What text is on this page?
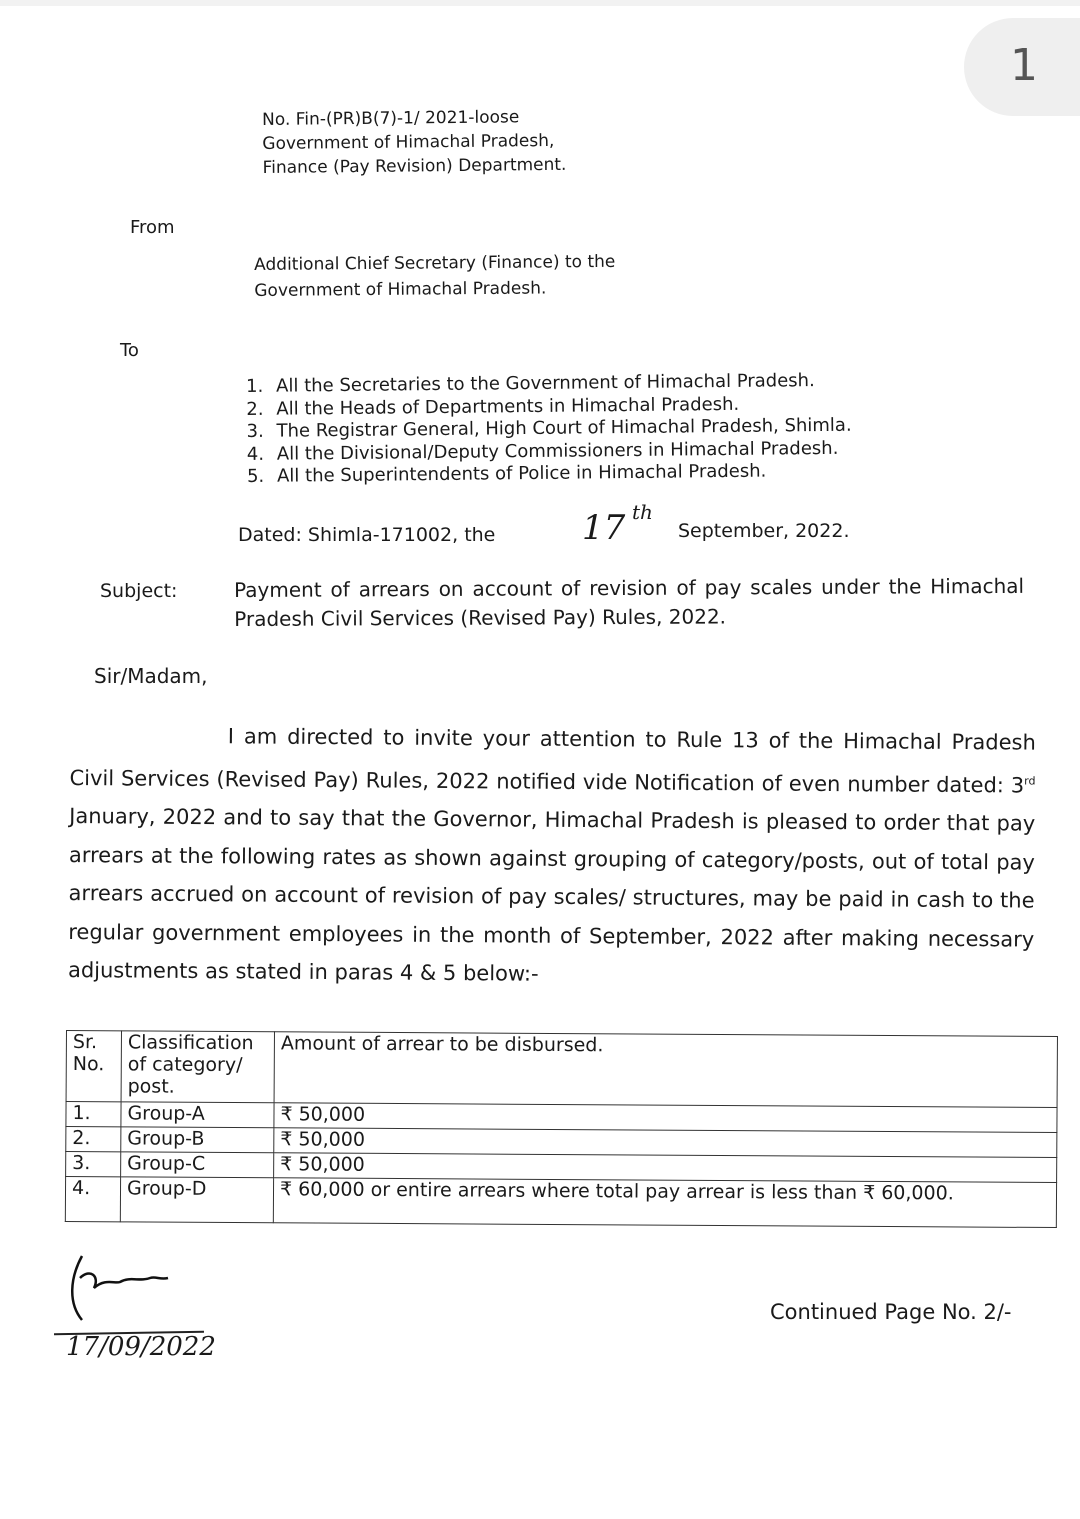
1
No. Fin-(PR)B(7)-1/ 2021-loose
Government of Himachal Pradesh,
Finance (Pay Revision) Department.
From
Additional Chief Secretary (Finance) to the
Government of Himachal Pradesh.
To
1. All the Secretaries to the Government of Himachal Pradesh.
2. All the Heads of Departments in Himachal Pradesh.
3. The Registrar General, High Court of Himachal Pradesh, Shimla.
4. All the Divisional/Deputy Commissioners in Himachal Pradesh.
5. All the Superintendents of Police in Himachal Pradesh.
Dated: Shimla-171002, the	17 th
September, 2022.
Subject:	Payment of arrears on account of revision of pay scales under the Himachal Pradesh Civil Services (Revised Pay) Rules, 2022.
Sir/Madam,
I am directed to invite your attention to Rule 13 of the Himachal Pradesh Civil Services (Revised Pay) Rules, 2022 notified vide Notification of even number dated: 3rd January, 2022 and to say that the Governor, Himachal Pradesh is pleased to order that pay arrears at the following rates as shown against grouping of category/posts, out of total pay arrears accrued on account of revision of pay scales/ structures, may be paid in cash to the regular government employees in the month of September, 2022 after making necessary adjustments as stated in paras 4 & 5 below:-
Sr. No.	Classification of category/ post.	Amount of arrear to be disbursed.
1.	Group-A	₹ 50,000
2.	Group-B	₹ 50,000
3.	Group-C	₹ 50,000
4.	Group-D	₹ 60,000 or entire arrears where total pay arrear is less than ₹ 60,000.
17/09/2022
Continued Page No. 2/-
